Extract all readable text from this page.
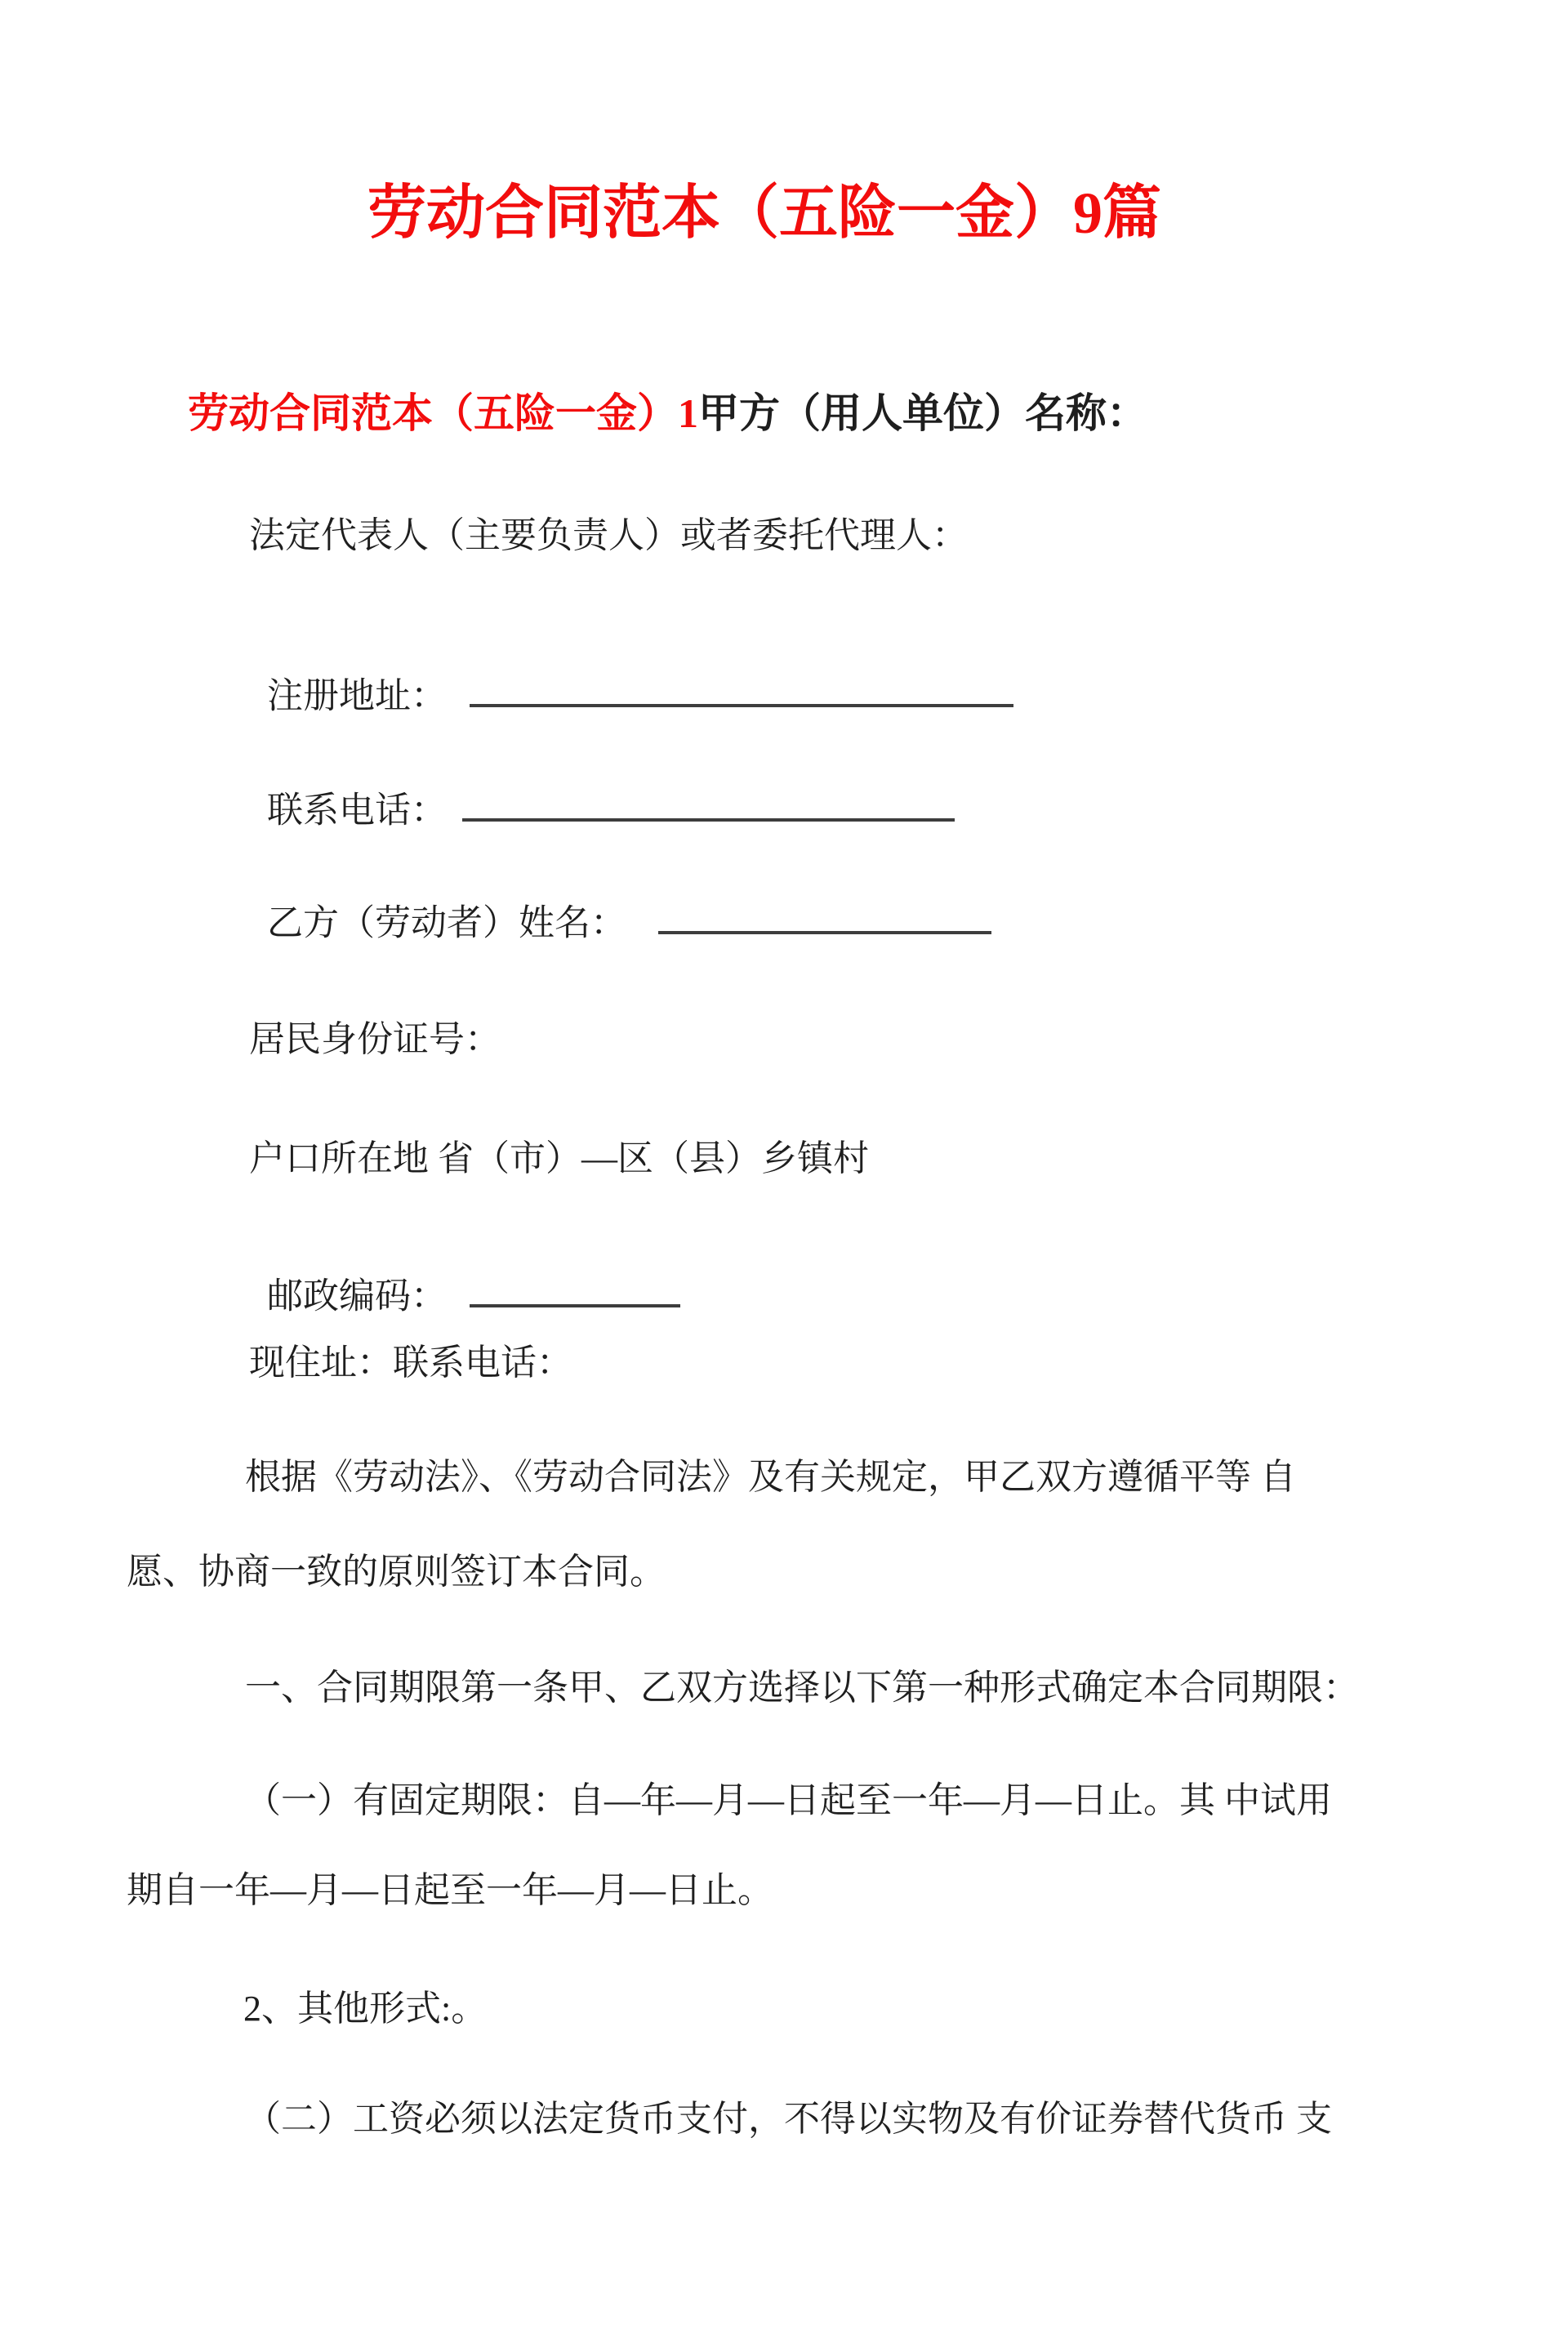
劳动合同范本（五险一金）9篇

劳动合同范本（五险一金）1甲方（用人单位）名称：

法定代表人（主要负责人）或者委托代理人：

注册地址：

联系电话：

乙方（劳动者）姓名：

居民身份证号：
户口所在地 省（市）—区（县）乡镇村

邮政编码：

现住址：联系电话：
根据《劳动法》、《劳动合同法》及有关规定，甲乙双方遵循平等 自
愿、协商一致的原则签订本合同。
一、合同期限第一条甲、乙双方选择以下第一种形式确定本合同期限：
（一）有固定期限：自—年—月—日起至一年—月—日止。其 中试用
期自一年—月—日起至一年—月—日止。
2、其他形式:。
（二）工资必须以法定货币支付，不得以实物及有价证券替代货币 支
